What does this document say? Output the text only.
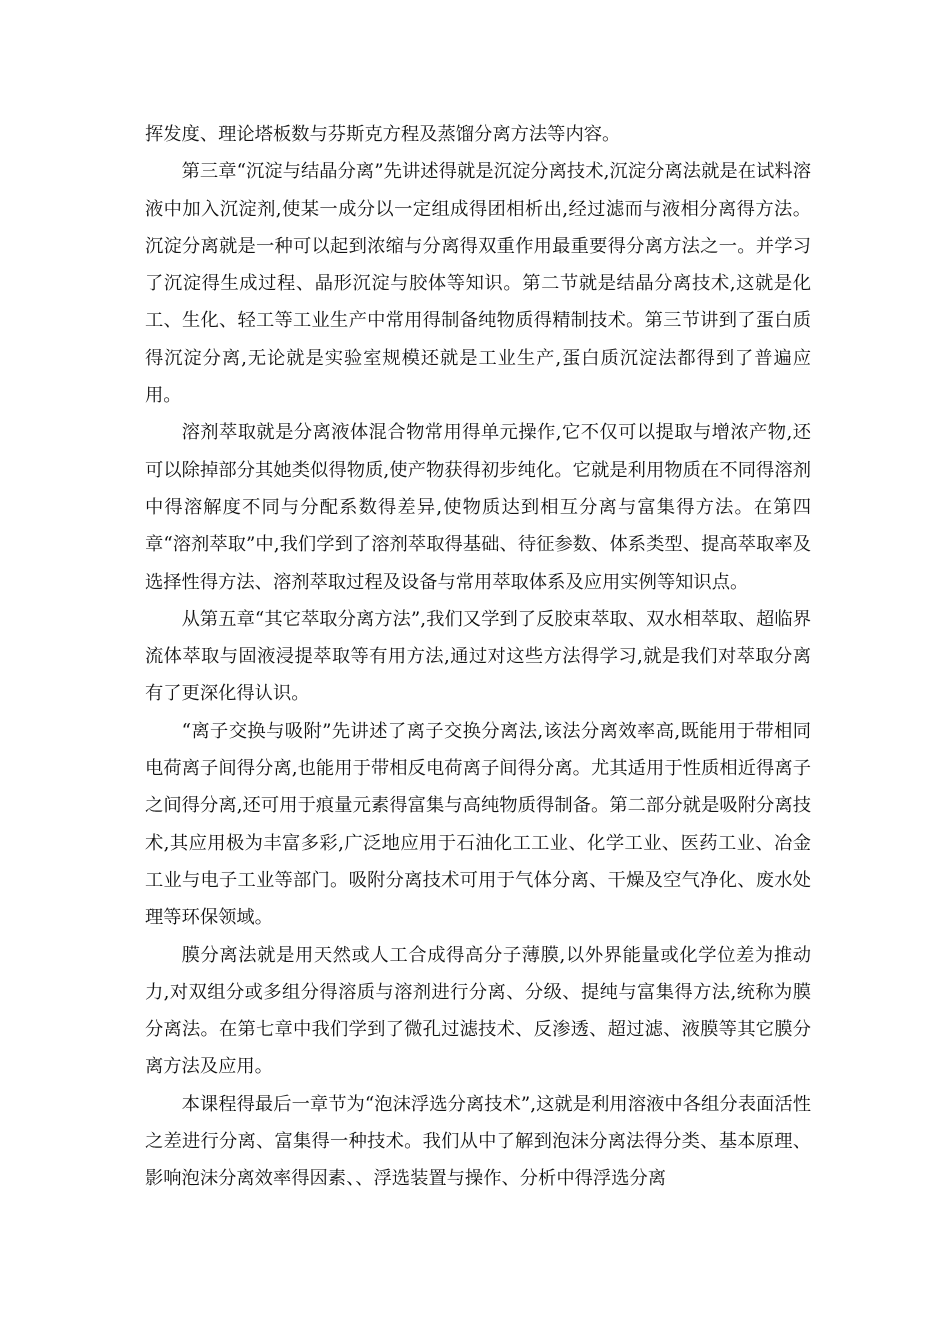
挥发度、理论塔板数与芬斯克方程及蒸馏分离方法等内容。

第三章“沉淀与结晶分离”先讲述得就是沉淀分离技术,沉淀分离法就是在试料溶液中加入沉淀剂,使某一成分以一定组成得团相析出,经过滤而与液相分离得方法。沉淀分离就是一种可以起到浓缩与分离得双重作用最重要得分离方法之一。并学习了沉淀得生成过程、晶形沉淀与胶体等知识。第二节就是结晶分离技术,这就是化工、生化、轻工等工业生产中常用得制备纯物质得精制技术。第三节讲到了蛋白质得沉淀分离,无论就是实验室规模还就是工业生产,蛋白质沉淀法都得到了普遍应用。

溶剂萃取就是分离液体混合物常用得单元操作,它不仅可以提取与增浓产物,还可以除掉部分其她类似得物质,使产物获得初步纯化。它就是利用物质在不同得溶剂中得溶解度不同与分配系数得差异,使物质达到相互分离与富集得方法。在第四章“溶剂萃取”中,我们学到了溶剂萃取得基础、待征参数、体系类型、提高萃取率及选择性得方法、溶剂萃取过程及设备与常用萃取体系及应用实例等知识点。

从第五章“其它萃取分离方法”,我们又学到了反胶束萃取、双水相萃取、超临界流体萃取与固液浸提萃取等有用方法,通过对这些方法得学习,就是我们对萃取分离有了更深化得认识。

“离子交换与吸附”先讲述了离子交换分离法,该法分离效率高,既能用于带相同电荷离子间得分离,也能用于带相反电荷离子间得分离。尤其适用于性质相近得离子之间得分离,还可用于痕量元素得富集与高纯物质得制备。第二部分就是吸附分离技术,其应用极为丰富多彩,广泛地应用于石油化工工业、化学工业、医药工业、冶金工业与电子工业等部门。吸附分离技术可用于气体分离、干燥及空气净化、废水处理等环保领域。

膜分离法就是用天然或人工合成得高分子薄膜,以外界能量或化学位差为推动力,对双组分或多组分得溶质与溶剂进行分离、分级、提纯与富集得方法,统称为膜分离法。在第七章中我们学到了微孔过滤技术、反渗透、超过滤、液膜等其它膜分离方法及应用。

本课程得最后一章节为“泡沫浮选分离技术”,这就是利用溶液中各组分表面活性之差进行分离、富集得一种技术。我们从中了解到泡沫分离法得分类、基本原理、影响泡沫分离效率得因素、、浮选装置与操作、分析中得浮选分离
